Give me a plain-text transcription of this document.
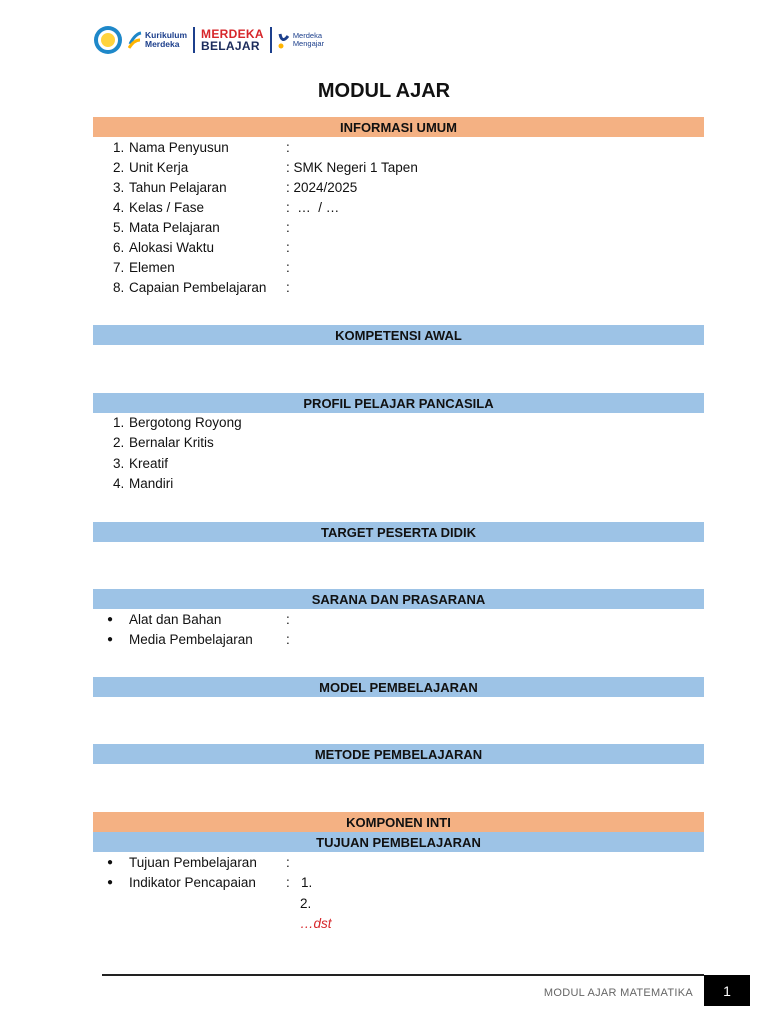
Kurikulum
Merdeka
MERDEKA
BELAJAR
Merdeka
Mengajar
MODUL AJAR
INFORMASI UMUM
1. Nama Penyusun	:
2. Unit Kerja	: SMK Negeri 1 Tapen
3. Tahun Pelajaran	: 2024/2025
4. Kelas / Fase	:  …  / …
5. Mata Pelajaran	:
6. Alokasi Waktu	:
7. Elemen	:
8. Capaian Pembelajaran	:
KOMPETENSI AWAL
PROFIL PELAJAR PANCASILA
1. Bergotong Royong
2. Bernalar Kritis
3. Kreatif
4. Mandiri
TARGET PESERTA DIDIK
SARANA DAN PRASARANA
●	Alat dan Bahan	:
●	Media Pembelajaran	:
MODEL PEMBELAJARAN
METODE PEMBELAJARAN
KOMPONEN INTI
TUJUAN PEMBELAJARAN
●	Tujuan Pembelajaran	:
●	Indikator Pencapaian	:   1.
2.
…dst
MODUL AJAR MATEMATIKA	1
